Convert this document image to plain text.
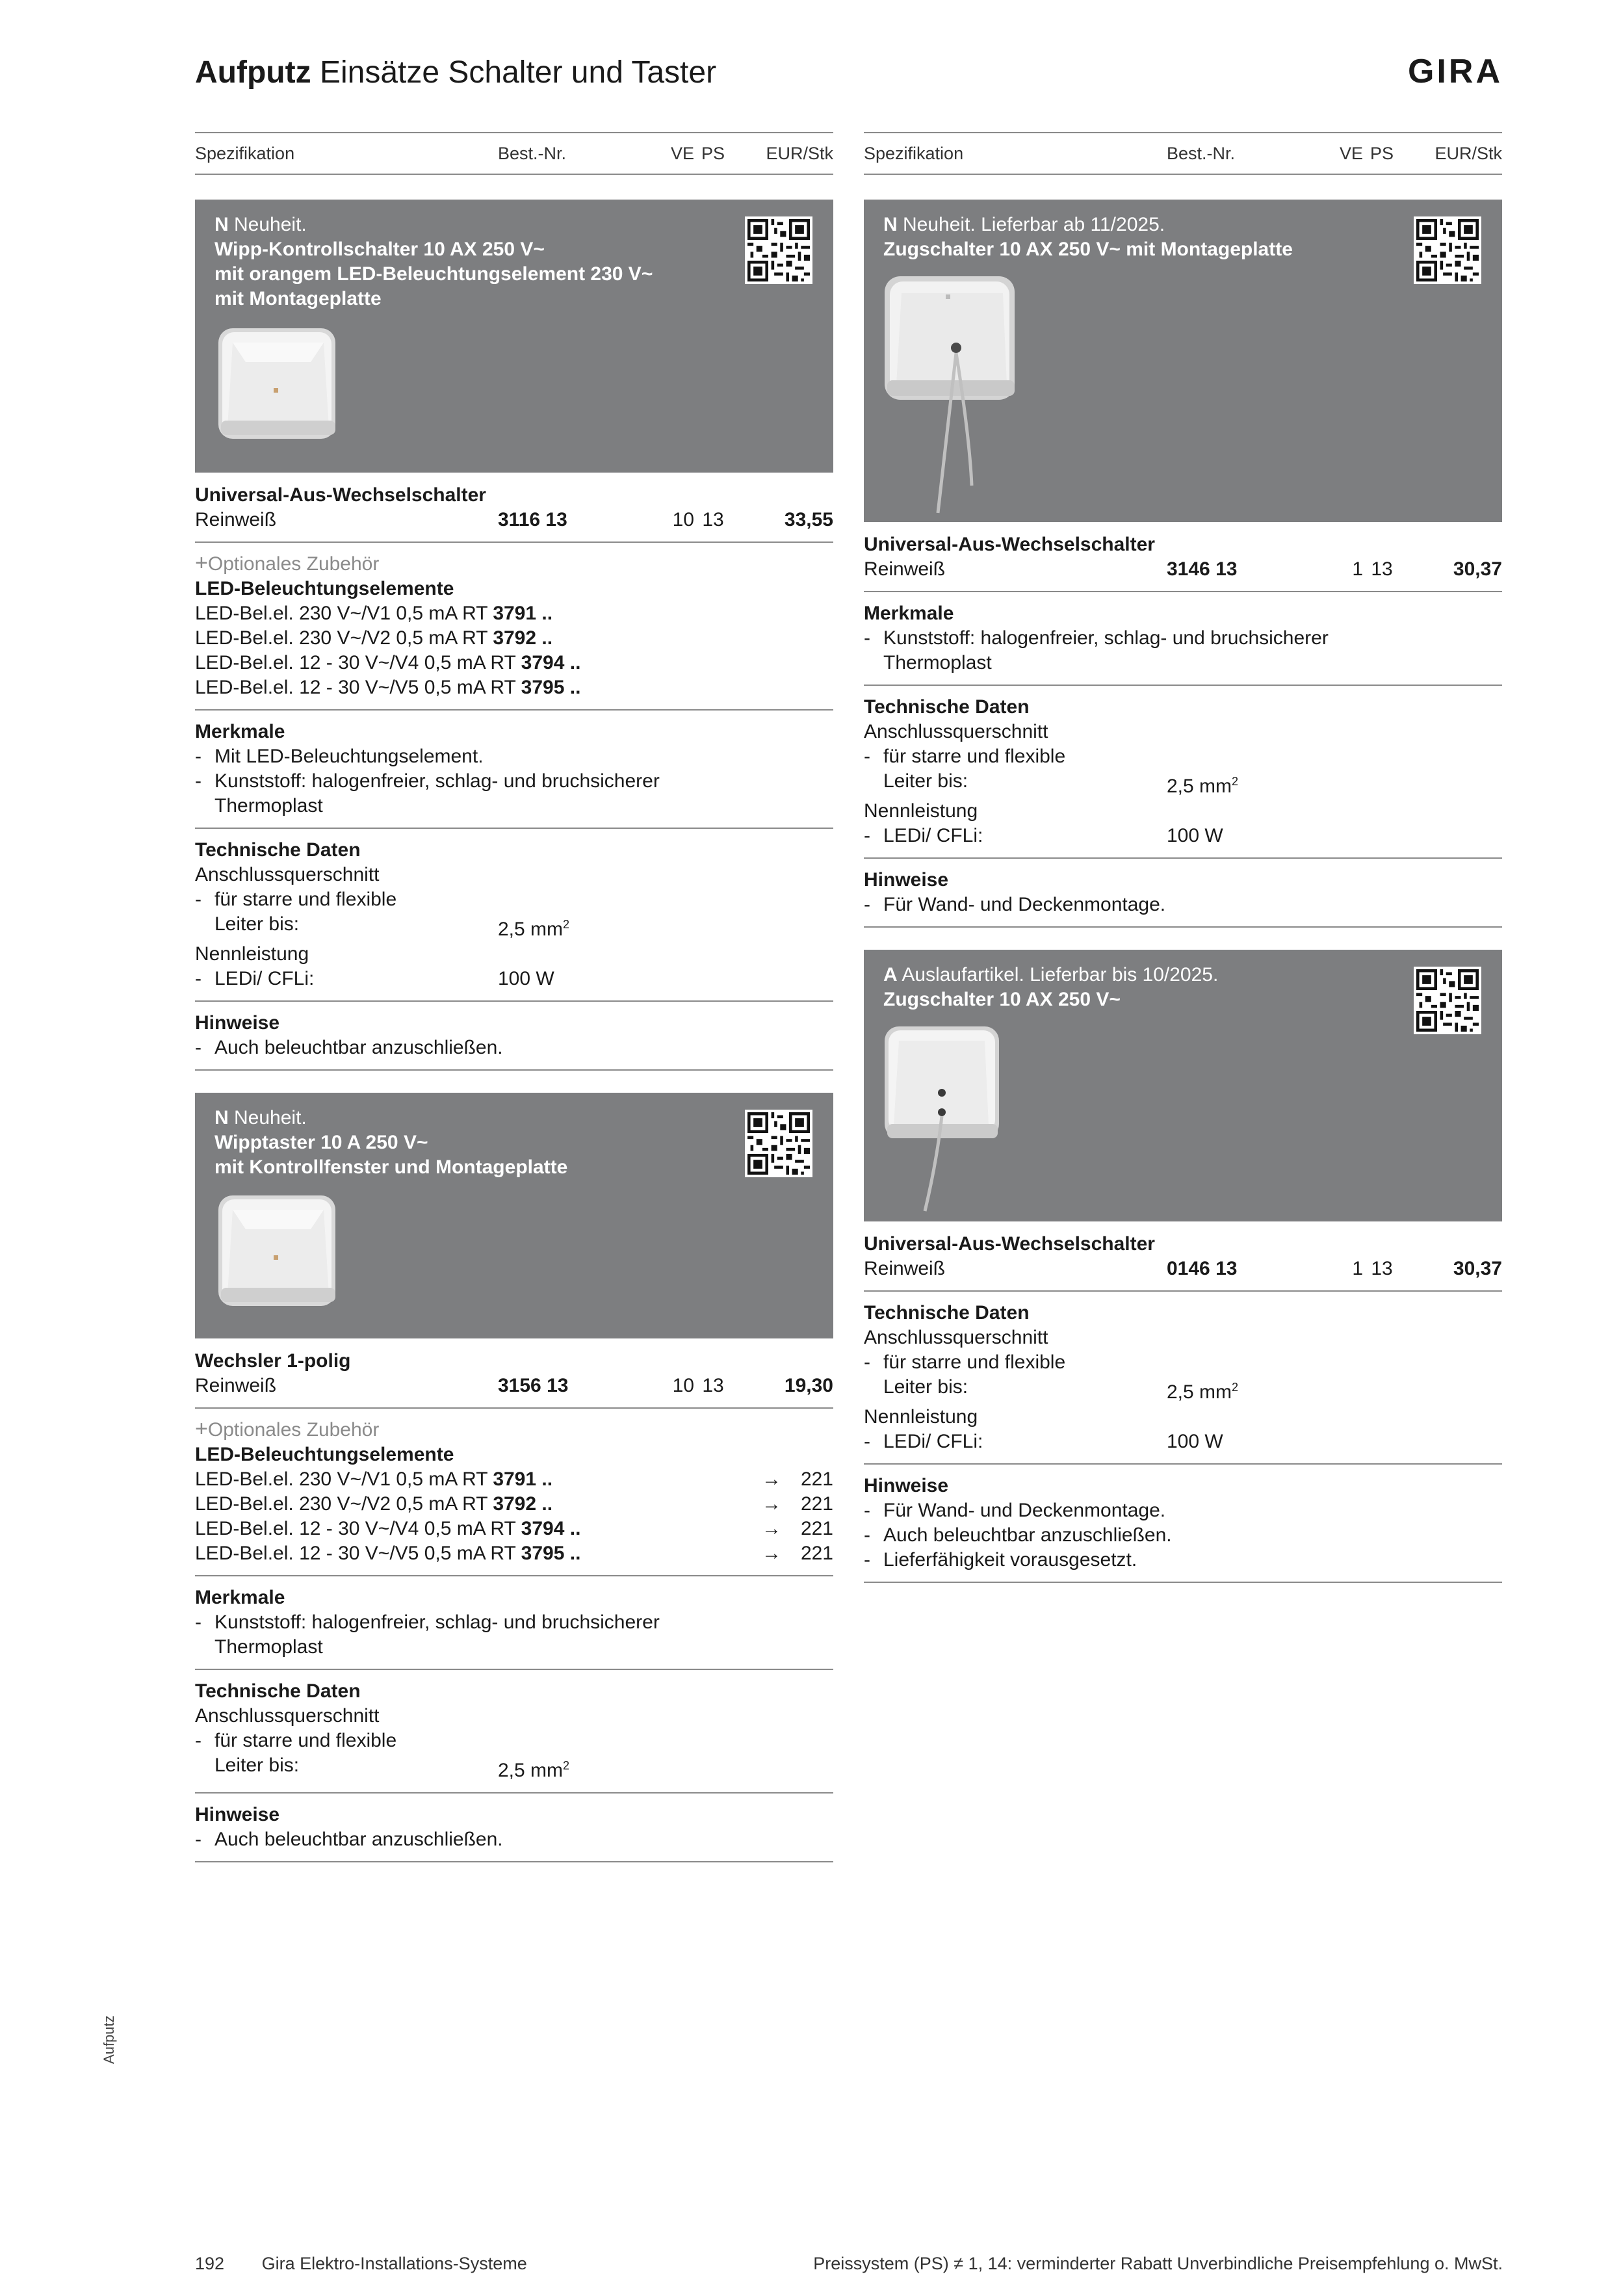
Aufputz Einsätze Schalter und Taster	GIRA
Aufputz
Spezifikation	Best.-Nr.	VE PS	EUR/Stk
N Neuheit.
Wipp-Kontrollschalter 10 AX 250 V~
mit orangem LED-Beleuchtungselement 230 V~
mit Montageplatte
Universal-Aus-Wechselschalter
Reinweiß	3116 13	10 13	33,55
+Optionales Zubehör
LED-Beleuchtungselemente
LED-Bel.el. 230 V~/V1 0,5 mA RT 3791 ..
LED-Bel.el. 230 V~/V2 0,5 mA RT 3792 ..
LED-Bel.el. 12 - 30 V~/V4 0,5 mA RT 3794 ..
LED-Bel.el. 12 - 30 V~/V5 0,5 mA RT 3795 ..
Merkmale
- Mit LED-Beleuchtungselement.
- Kunststoff: halogenfreier, schlag- und bruchsicherer
Thermoplast
Technische Daten
Anschlussquerschnitt
- für starre und flexible
Leiter bis:	2,5 $mm^2$
Nennleistung
- LEDi/ CFLi:	100 W
Hinweise
- Auch beleuchtbar anzuschließen.
N Neuheit.
Wipptaster 10 A 250 V~
mit Kontrollfenster und Montageplatte
Wechsler 1-polig
Reinweiß	3156 13	10 13	19,30
+Optionales Zubehör
LED-Beleuchtungselemente
LED-Bel.el. 230 V~/V1 0,5 mA RT 3791 ..	→ 221
LED-Bel.el. 230 V~/V2 0,5 mA RT 3792 ..	→ 221
LED-Bel.el. 12 - 30 V~/V4 0,5 mA RT 3794 ..	→ 221
LED-Bel.el. 12 - 30 V~/V5 0,5 mA RT 3795 ..	→ 221
Merkmale
- Kunststoff: halogenfreier, schlag- und bruchsicherer
Thermoplast
Technische Daten
Anschlussquerschnitt
- für starre und flexible
Leiter bis:	2,5 $mm^2$
Hinweise
- Auch beleuchtbar anzuschließen.
Spezifikation	Best.-Nr.	VE PS	EUR/Stk
N Neuheit. Lieferbar ab 11/2025.
Zugschalter 10 AX 250 V~ mit Montageplatte
Universal-Aus-Wechselschalter
Reinweiß	3146 13	1 13	30,37
Merkmale
- Kunststoff: halogenfreier, schlag- und bruchsicherer
Thermoplast
Technische Daten
Anschlussquerschnitt
- für starre und flexible
Leiter bis:	2,5 $mm^2$
Nennleistung
- LEDi/ CFLi:	100 W
Hinweise
- Für Wand- und Deckenmontage.
A Auslaufartikel. Lieferbar bis 10/2025.
Zugschalter 10 AX 250 V~
Universal-Aus-Wechselschalter
Reinweiß	0146 13	1 13	30,37
Technische Daten
Anschlussquerschnitt
- für starre und flexible
Leiter bis:	2,5 $mm^2$
Nennleistung
- LEDi/ CFLi:	100 W
Hinweise
- Für Wand- und Deckenmontage.
- Auch beleuchtbar anzuschließen.
- Lieferfähigkeit vorausgesetzt.
192 Gira Elektro-Installations-Systeme	Preissystem (PS) ≠ 1, 14: verminderter Rabatt Unverbindliche Preisempfehlung o. MwSt.
